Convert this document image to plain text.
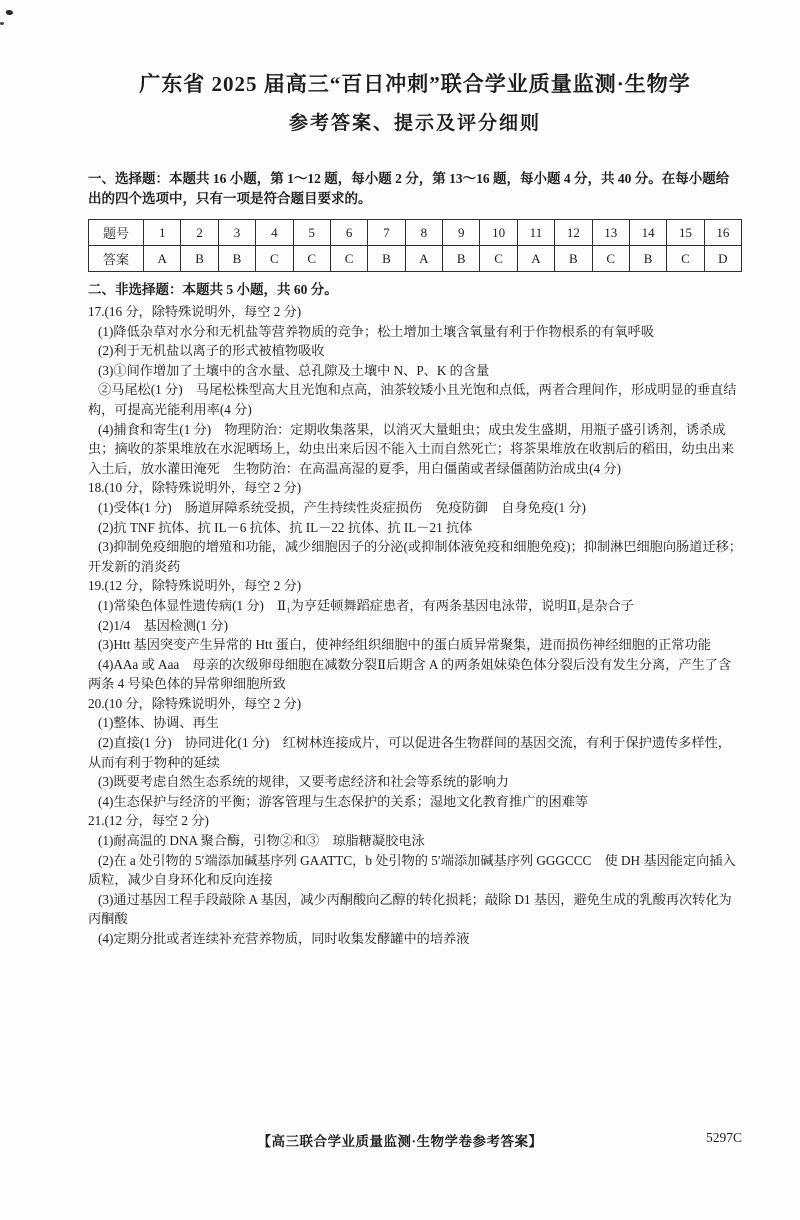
广东省 2025 届高三“百日冲刺”联合学业质量监测·生物学
参考答案、提示及评分细则

一、选择题：本题共 16 小题，第 1～12 题，每小题 2 分，第 13～16 题，每小题 4 分，共 40 分。在每小题给出的四个选项中，只有一项是符合题目要求的。

题号	1	2	3	4	5	6	7	8	9	10	11	12	13	14	15	16
答案	A	B	B	C	C	C	B	A	B	C	A	B	C	B	C	D

二、非选择题：本题共 5 小题，共 60 分。

17.(16 分，除特殊说明外，每空 2 分)

(1)降低杂草对水分和无机盐等营养物质的竞争；松土增加土壤含氧量有利于作物根系的有氧呼吸

(2)利于无机盐以离子的形式被植物吸收

(3)①间作增加了土壤中的含水量、总孔隙及土壤中 N、P、K 的含量

②马尾松(1 分)　马尾松株型高大且光饱和点高，油茶较矮小且光饱和点低，两者合理间作，形成明显的垂直结构，可提高光能利用率(4 分)

(4)捕食和寄生(1 分)　物理防治：定期收集落果，以消灭大量蛆虫；成虫发生盛期，用瓶子盛引诱剂，诱杀成虫；摘收的茶果堆放在水泥晒场上，幼虫出来后因不能入土而自然死亡；将茶果堆放在收割后的稻田，幼虫出来入土后，放水灌田淹死　生物防治：在高温高湿的夏季，用白僵菌或者绿僵菌防治成虫(4 分)

18.(10 分，除特殊说明外，每空 2 分)

(1)受体(1 分)　肠道屏障系统受损，产生持续性炎症损伤　免疫防御　自身免疫(1 分)

(2)抗 TNF 抗体、抗 IL－6 抗体、抗 IL－22 抗体、抗 IL－21 抗体

(3)抑制免疫细胞的增殖和功能，减少细胞因子的分泌(或抑制体液免疫和细胞免疫)；抑制淋巴细胞向肠道迁移；开发新的消炎药

19.(12 分，除特殊说明外，每空 2 分)

(1)常染色体显性遗传病(1 分)　Ⅱ₁为亨廷顿舞蹈症患者，有两条基因电泳带，说明Ⅱ₁是杂合子

(2)1/4　基因检测(1 分)

(3)Htt 基因突变产生异常的 Htt 蛋白，使神经组织细胞中的蛋白质异常聚集，进而损伤神经细胞的正常功能

(4)AAa 或 Aaa　母亲的次级卵母细胞在减数分裂Ⅱ后期含 A 的两条姐妹染色体分裂后没有发生分离，产生了含两条 4 号染色体的异常卵细胞所致

20.(10 分，除特殊说明外，每空 2 分)

(1)整体、协调、再生

(2)直接(1 分)　协同进化(1 分)　红树林连接成片，可以促进各生物群间的基因交流，有利于保护遗传多样性，从而有利于物种的延续

(3)既要考虑自然生态系统的规律，又要考虑经济和社会等系统的影响力

(4)生态保护与经济的平衡；游客管理与生态保护的关系；湿地文化教育推广的困难等

21.(12 分，每空 2 分)

(1)耐高温的 DNA 聚合酶，引物②和③　琼脂糖凝胶电泳

(2)在 a 处引物的 5′端添加碱基序列 GAATTC，b 处引物的 5′端添加碱基序列 GGGCCC　使 DH 基因能定向插入质粒，减少自身环化和反向连接

(3)通过基因工程手段敲除 A 基因，减少丙酮酸向乙醇的转化损耗；敲除 D1 基因，避免生成的乳酸再次转化为丙酮酸

(4)定期分批或者连续补充营养物质，同时收集发酵罐中的培养液

【高三联合学业质量监测·生物学卷参考答案】	5297C
